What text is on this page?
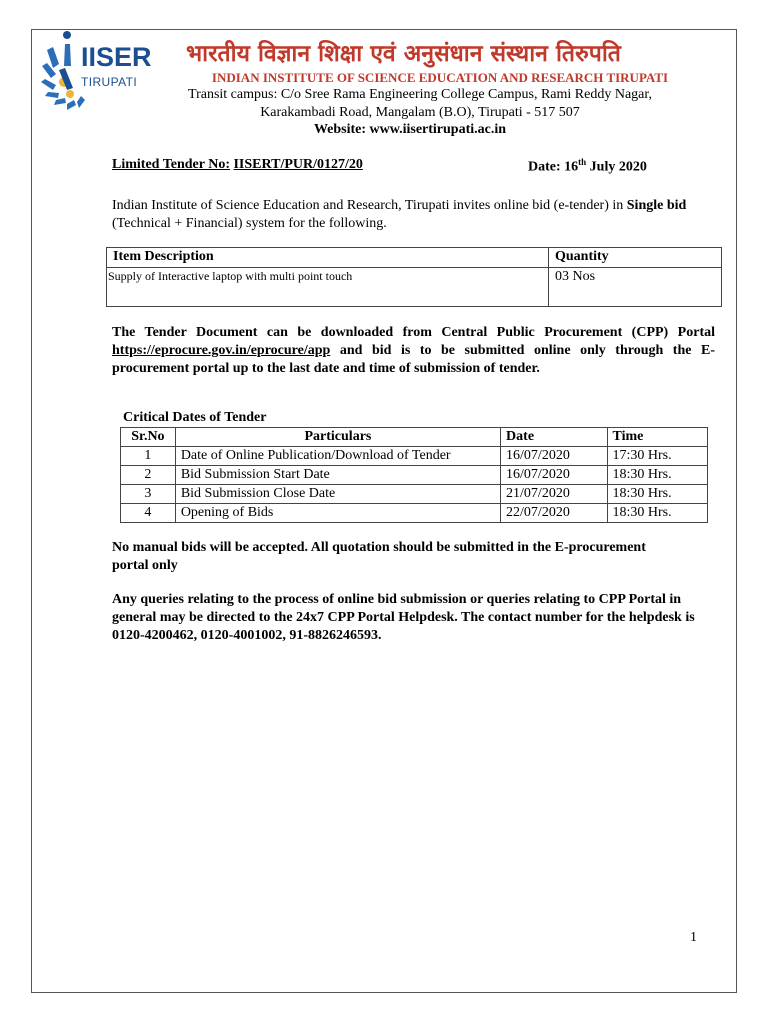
IISER
TIRUPATI
भारतीय विज्ञान शिक्षा एवं अनुसंधान संस्थान तिरुपति
INDIAN INSTITUTE OF SCIENCE EDUCATION AND RESEARCH TIRUPATI
Transit campus: C/o Sree Rama Engineering College Campus, Rami Reddy Nagar,
Karakambadi Road, Mangalam (B.O), Tirupati - 517 507
Website: www.iisertirupati.ac.in
Limited Tender No: IISERT/PUR/0127/20	Date: 16th July 2020
Indian Institute of Science Education and Research, Tirupati invites online bid (e-tender) in Single bid (Technical + Financial) system for the following.
Item Description	Quantity
Supply of Interactive laptop with multi point touch	03 Nos
The Tender Document can be downloaded from Central Public Procurement (CPP) Portal https://eprocure.gov.in/eprocure/app and bid is to be submitted online only through the E-procurement portal up to the last date and time of submission of tender.
Critical Dates of Tender
Sr.No	Particulars	Date	Time
1	Date of Online Publication/Download of Tender	16/07/2020	17:30 Hrs.
2	Bid Submission Start Date	16/07/2020	18:30 Hrs.
3	Bid Submission Close Date	21/07/2020	18:30 Hrs.
4	Opening of Bids	22/07/2020	18:30 Hrs.
No manual bids will be accepted. All quotation should be submitted in the E-procurement portal only
Any queries relating to the process of online bid submission or queries relating to CPP Portal in general may be directed to the 24x7 CPP Portal Helpdesk. The contact number for the helpdesk is 0120-4200462, 0120-4001002, 91-8826246593.
1
